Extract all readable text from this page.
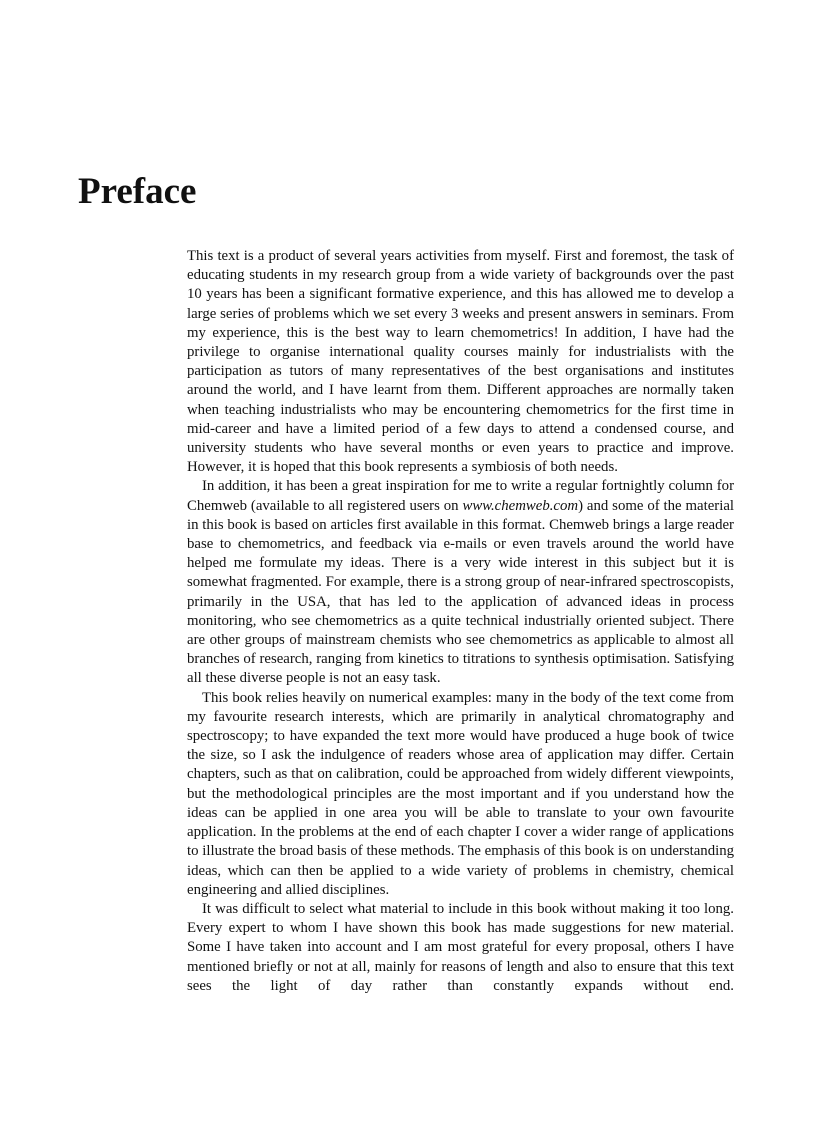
Preface

This text is a product of several years activities from myself. First and foremost, the task of educating students in my research group from a wide variety of backgrounds over the past 10 years has been a significant formative experience, and this has allowed me to develop a large series of problems which we set every 3 weeks and present answers in seminars. From my experience, this is the best way to learn chemometrics! In addition, I have had the privilege to organise international quality courses mainly for industrialists with the participation as tutors of many representatives of the best organisations and institutes around the world, and I have learnt from them. Different approaches are normally taken when teaching industrialists who may be encountering chemometrics for the first time in mid-career and have a limited period of a few days to attend a condensed course, and university students who have several months or even years to practice and improve. However, it is hoped that this book represents a symbiosis of both needs.

In addition, it has been a great inspiration for me to write a regular fortnightly column for Chemweb (available to all registered users on www.chemweb.com) and some of the material in this book is based on articles first available in this format. Chemweb brings a large reader base to chemometrics, and feedback via e-mails or even travels around the world have helped me formulate my ideas. There is a very wide interest in this subject but it is somewhat fragmented. For example, there is a strong group of near-infrared spectroscopists, primarily in the USA, that has led to the application of advanced ideas in process monitoring, who see chemometrics as a quite technical industrially oriented subject. There are other groups of mainstream chemists who see chemometrics as applicable to almost all branches of research, ranging from kinetics to titrations to synthesis optimisation. Satisfying all these diverse people is not an easy task.

This book relies heavily on numerical examples: many in the body of the text come from my favourite research interests, which are primarily in analytical chromatography and spectroscopy; to have expanded the text more would have produced a huge book of twice the size, so I ask the indulgence of readers whose area of application may differ. Certain chapters, such as that on calibration, could be approached from widely different viewpoints, but the methodological principles are the most important and if you understand how the ideas can be applied in one area you will be able to translate to your own favourite application. In the problems at the end of each chapter I cover a wider range of applications to illustrate the broad basis of these methods. The emphasis of this book is on understanding ideas, which can then be applied to a wide variety of problems in chemistry, chemical engineering and allied disciplines.

It was difficult to select what material to include in this book without making it too long. Every expert to whom I have shown this book has made suggestions for new material. Some I have taken into account and I am most grateful for every proposal, others I have mentioned briefly or not at all, mainly for reasons of length and also to ensure that this text sees the light of day rather than constantly expands without end.
